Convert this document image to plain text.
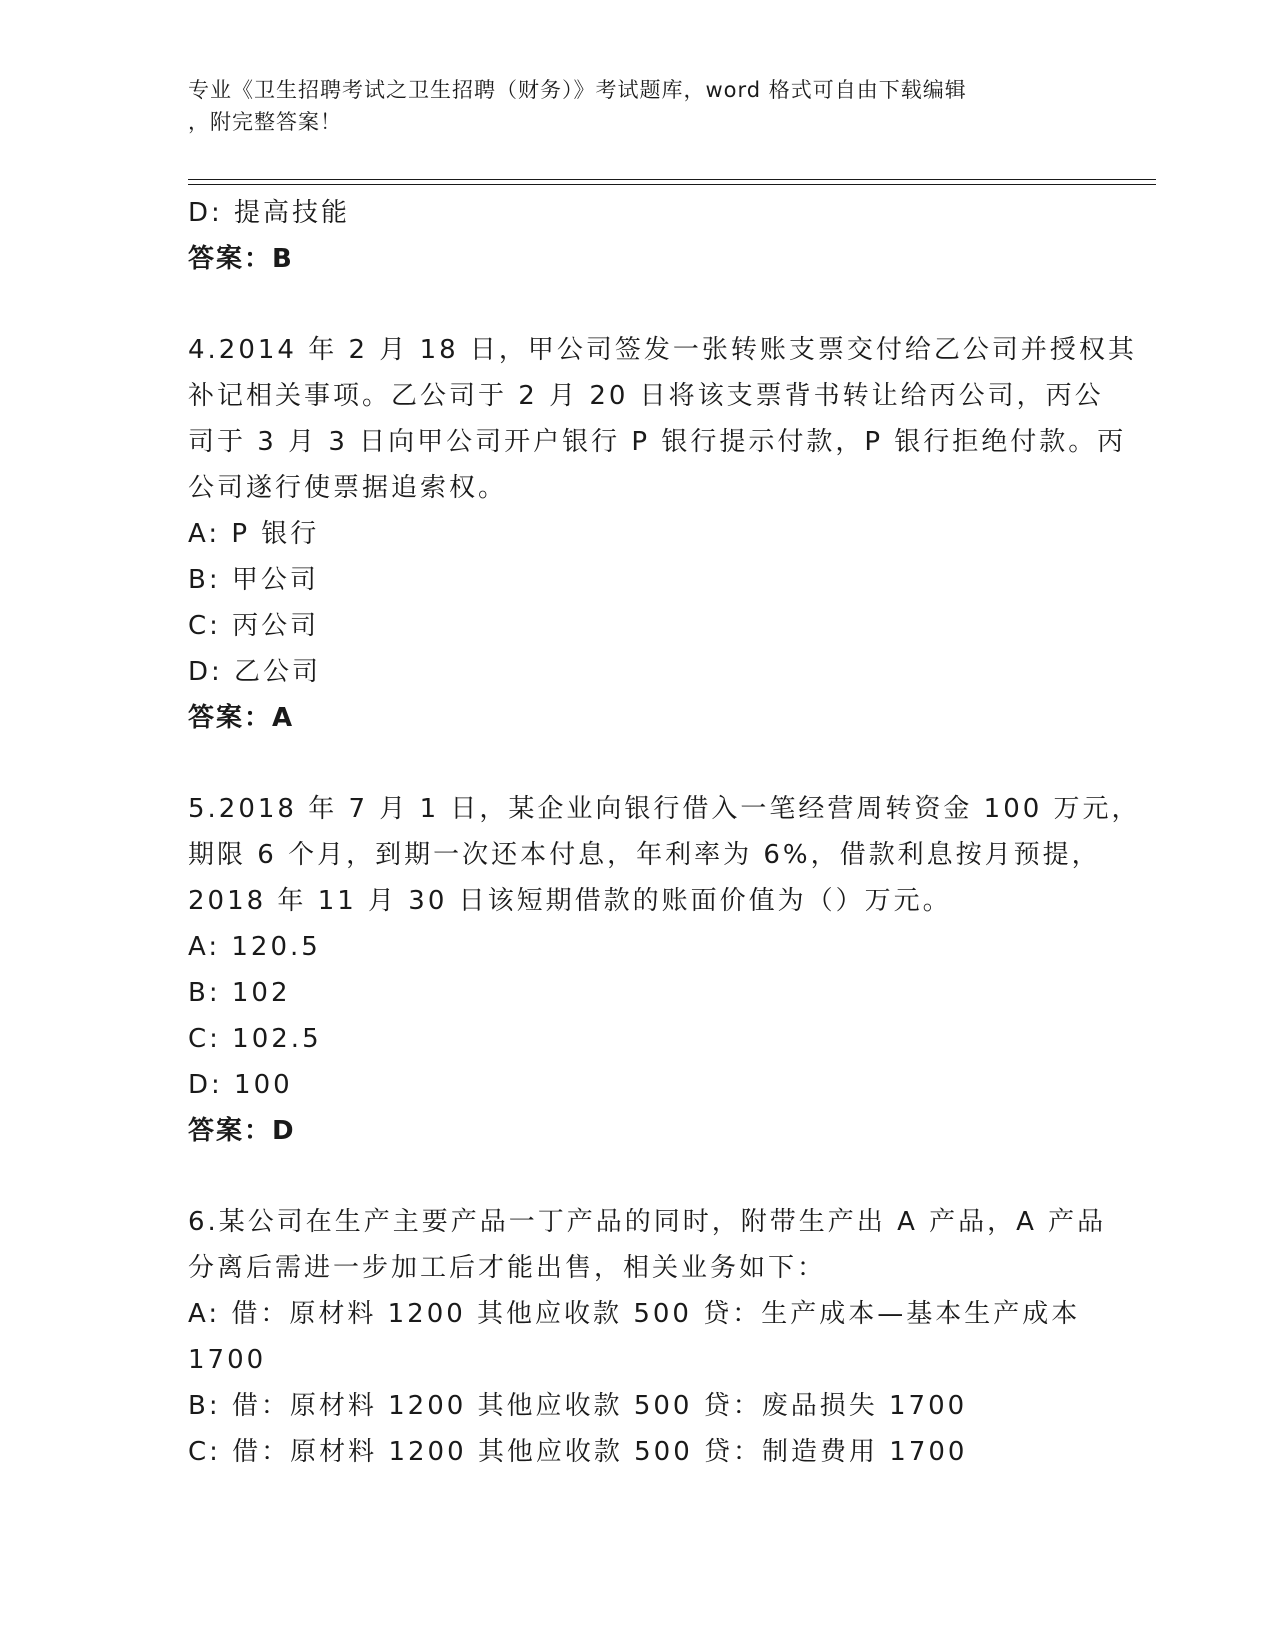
专业《卫生招聘考试之卫生招聘（财务）》考试题库，word 格式可自由下载编辑
，附完整答案！
D: 提高技能
答案：B
4.2014 年 2 月 18 日，甲公司签发一张转账支票交付给乙公司并授权其
补记相关事项。乙公司于 2 月 20 日将该支票背书转让给丙公司，丙公
司于 3 月 3 日向甲公司开户银行 P 银行提示付款，P 银行拒绝付款。丙
公司遂行使票据追索权。
A: P 银行
B: 甲公司
C: 丙公司
D: 乙公司
答案：A
5.2018 年 7 月 1 日，某企业向银行借入一笔经营周转资金 100 万元，
期限 6 个月，到期一次还本付息，年利率为 6%，借款利息按月预提，
2018 年 11 月 30 日该短期借款的账面价值为（）万元。
A: 120.5
B: 102
C: 102.5
D: 100
答案：D
6.某公司在生产主要产品一丁产品的同时，附带生产出 A 产品，A 产品
分离后需进一步加工后才能出售，相关业务如下：
A: 借：原材料 1200 其他应收款 500 贷：生产成本—基本生产成本
1700
B: 借：原材料 1200 其他应收款 500 贷：废品损失 1700
C: 借：原材料 1200 其他应收款 500 贷：制造费用 1700
